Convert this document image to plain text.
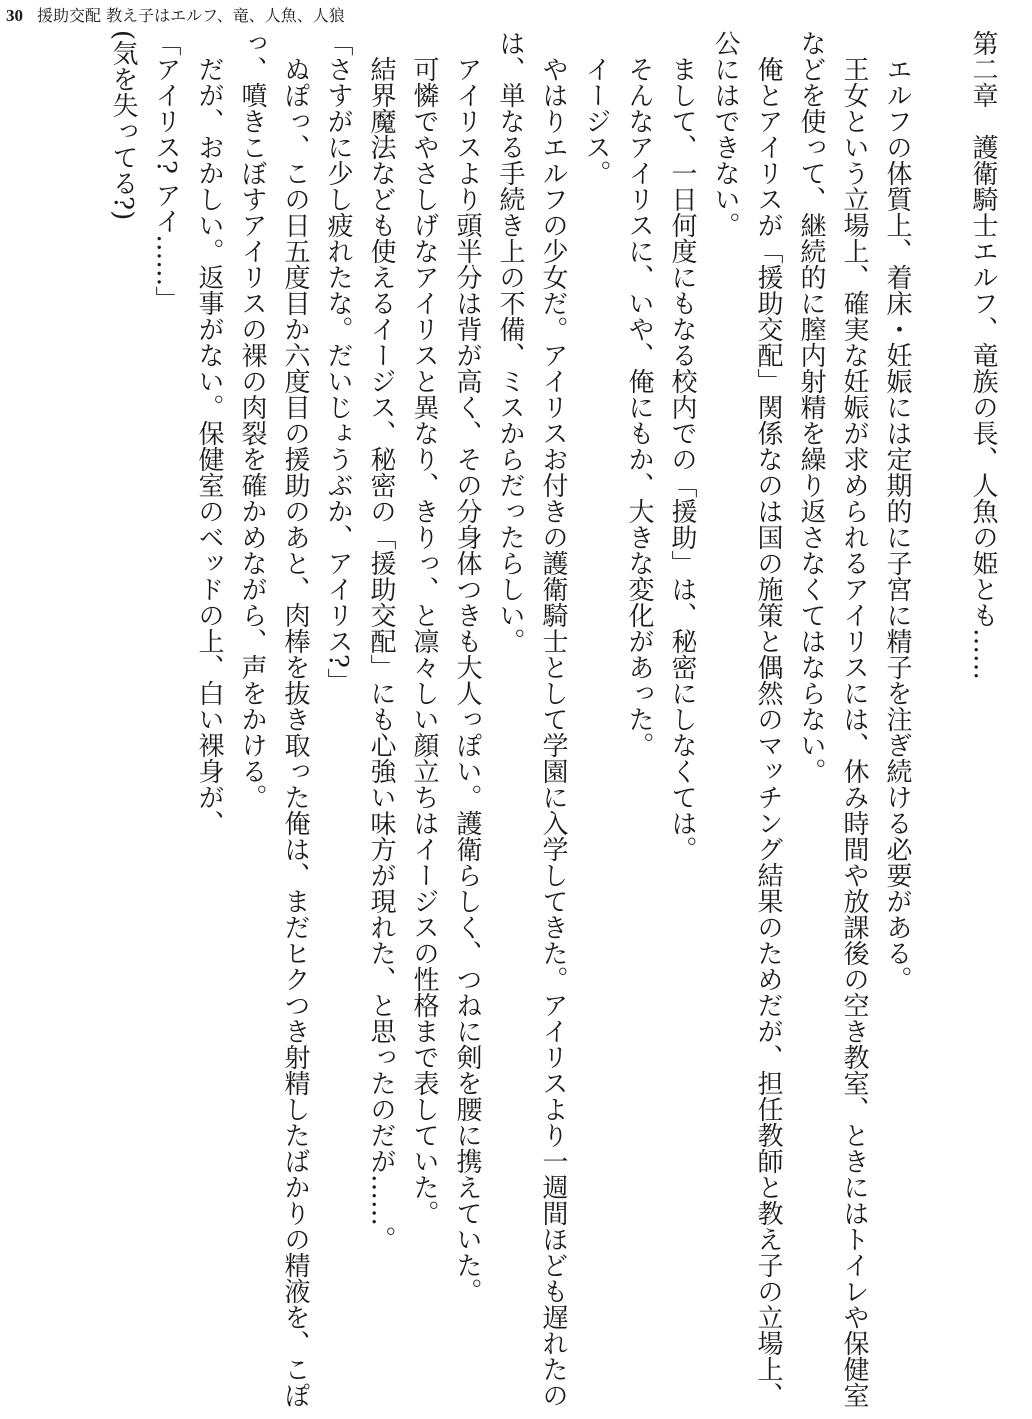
30 援助交配 教え子はエルフ、竜、人魚、人狼
第二章護衛騎士エルフ、竜族の長、人魚の姫とも……

エルフの体質上、着床・妊娠には定期的に子宮に精子を注ぎ続ける必要がある。

王女という立場上、確実な妊娠が求められるアイリスには、休み時間や放課後の空き教室、ときにはトイレや保健室などを使って、継続的に膣内射精を繰り返さなくてはならない。

俺とアイリスが「援助交配」関係なのは国の施策と偶然のマッチング結果のためだが、担任教師と教え子の立場上、公にはできない。

まして、一日何度にもなる校内での「援助」は、秘密にしなくては。

そんなアイリスに、いや、俺にもか、大きな変化があった。

イージス。

やはりエルフの少女だ。アイリスお付きの護衛騎士として学園に入学してきた。アイリスより一週間ほども遅れたのは、単なる手続き上の不備、ミスからだったらしい。

アイリスより頭半分は背が高く、その分身体つきも大人っぽい。護衛らしく、つねに剣を腰に携えていた。

可憐でやさしげなアイリスと異なり、きりっ、と凛々しい顔立ちはイージスの性格まで表していた。

結界魔法なども使えるイージス、秘密の「援助交配」にも心強い味方が現れた、と思ったのだが……。

「さすがに少し疲れたな。だいじょうぶか、アイリス?」

ぬぽっ、この日五度目か六度目の援助のあと、肉棒を抜き取った俺は、まだヒクつき射精したばかりの精液を、こぽっ、噴きこぼすアイリスの裸の肉裂を確かめながら、声をかける。

だが、おかしい。返事がない。保健室のベッドの上、白い裸身が、

「アイリス? アイ……」

(気を失ってる?)
